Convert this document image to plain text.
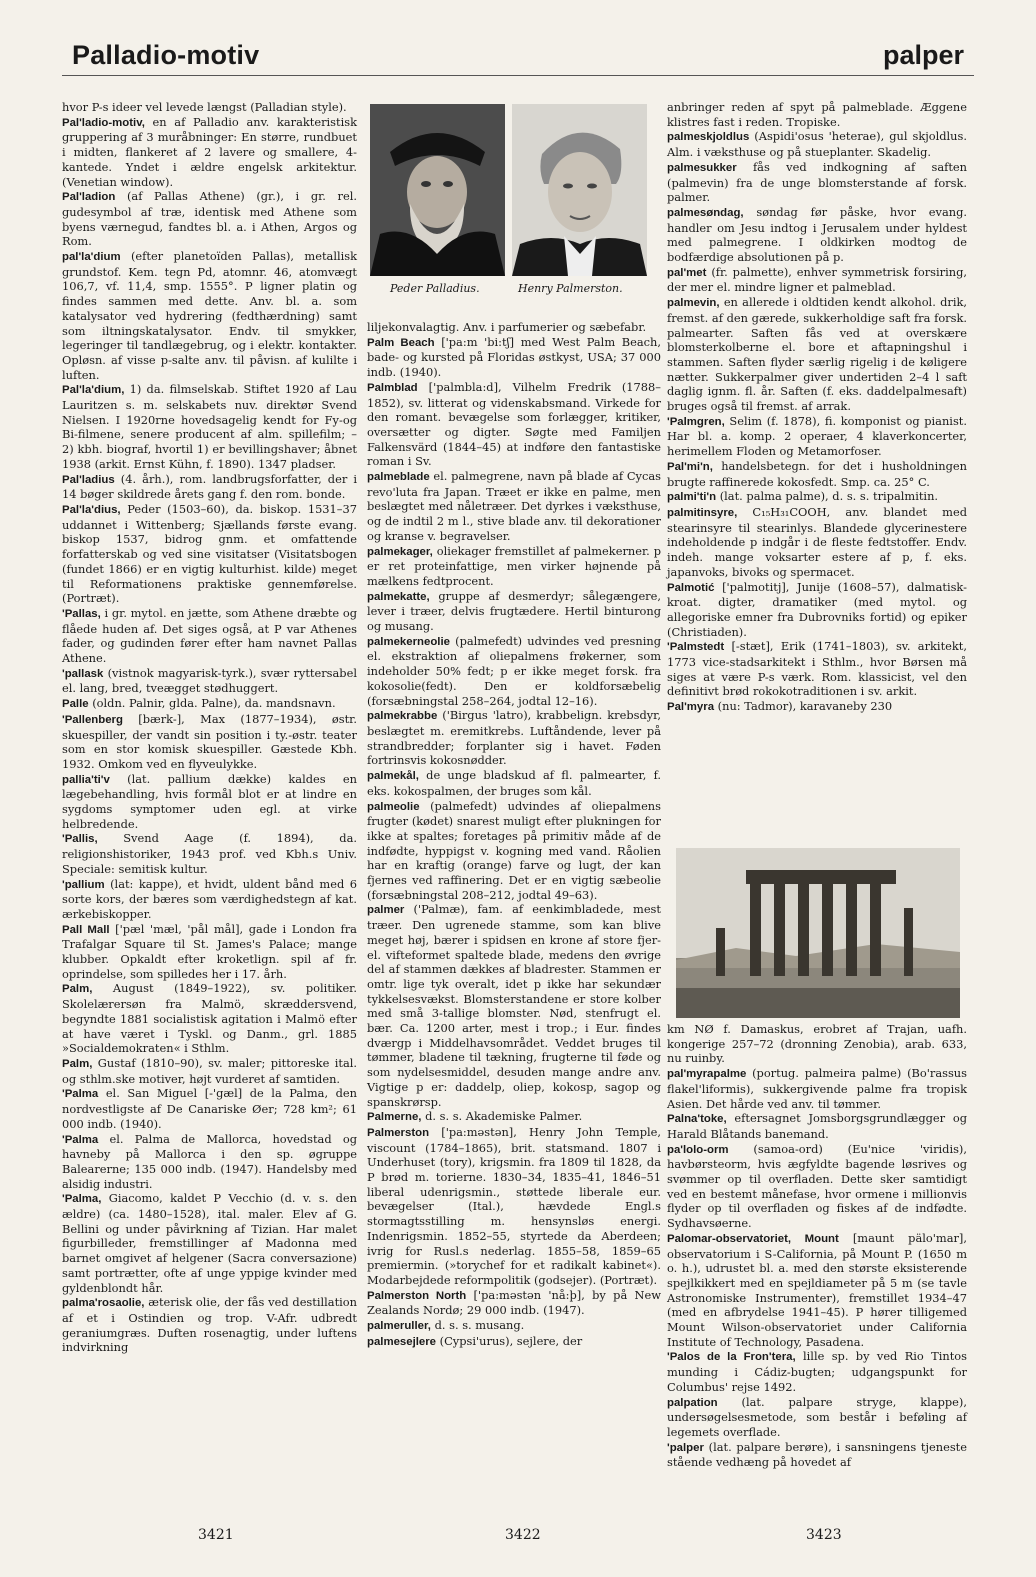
Palladio-motiv	palper

hvor P-s ideer vel levede længst (Palladian style).

Pal'ladio-motiv, en af Palladio anv. karakteristisk gruppering af 3 muråbninger: En større, rundbuet i midten, flankeret af 2 lavere og smallere, 4-kantede. Yndet i ældre engelsk arkitektur. (Venetian window).

Pal'ladion (af Pallas Athene) (gr.), i gr. rel. gudesymbol af træ, identisk med Athene som byens værnegud, fandtes bl. a. i Athen, Argos og Rom.

pal'la'dium (efter planetoïden Pallas), metallisk grundstof. Kem. tegn Pd, atomnr. 46, atomvægt 106,7, vf. 11,4, smp. 1555°. P ligner platin og findes sammen med dette. Anv. bl. a. som katalysator ved hydrering (fedthærdning) samt som iltningskatalysator. Endv. til smykker, legeringer til tandlægebrug, og i elektr. kontakter. Opløsn. af visse p-salte anv. til påvisn. af kulilte i luften.

Pal'la'dium, 1) da. filmselskab. Stiftet 1920 af Lau Lauritzen s. m. selskabets nuv. direktør Svend Nielsen. I 1920rne hovedsagelig kendt for Fy-og Bi-filmene, senere producent af alm. spillefilm; – 2) kbh. biograf, hvortil 1) er bevillingshaver; åbnet 1938 (arkit. Ernst Kühn, f. 1890). 1347 pladser.

Pal'ladius (4. årh.), rom. landbrugsforfatter, der i 14 bøger skildrede årets gang f. den rom. bonde.

Pal'la'dius, Peder (1503–60), da. biskop. 1531–37 uddannet i Wittenberg; Sjællands første evang. biskop 1537, bidrog gnm. et omfattende forfatterskab og ved sine visitatser (Visitatsbogen (fundet 1866) er en vigtig kulturhist. kilde) meget til Reformationens praktiske gennemførelse. (Portræt).

'Pallas, i gr. mytol. en jætte, som Athene dræbte og flåede huden af. Det siges også, at P var Athenes fader, og gudinden fører efter ham navnet Pallas Athene.

'pallask (vistnok magyarisk-tyrk.), svær ryttersabel el. lang, bred, tveægget stødhuggert.

Palle (oldn. Palnir, glda. Palne), da. mandsnavn.

'Pallenberg [bærk-], Max (1877–1934), østr. skuespiller, der vandt sin position i ty.-østr. teater som en stor komisk skuespiller. Gæstede Kbh. 1932. Omkom ved en flyveulykke.

pallia'ti'v (lat. pallium dække) kaldes en lægebehandling, hvis formål blot er at lindre en sygdoms symptomer uden egl. at virke helbredende.

'Pallis, Svend Aage (f. 1894), da. religionshistoriker, 1943 prof. ved Kbh.s Univ. Speciale: semitisk kultur.

'pallium (lat: kappe), et hvidt, uldent bånd med 6 sorte kors, der bæres som værdighedstegn af kat. ærkebiskopper.

Pall Mall ['pæl 'mæl, 'pål mål], gade i London fra Trafalgar Square til St. James's Palace; mange klubber. Opkaldt efter kroketlign. spil af fr. oprindelse, som spilledes her i 17. årh.

Palm, August (1849–1922), sv. politiker. Skolelærersøn fra Malmö, skræddersvend, begyndte 1881 socialistisk agitation i Malmö efter at have været i Tyskl. og Danm., grl. 1885 »Socialdemokraten« i Sthlm.

Palm, Gustaf (1810–90), sv. maler; pittoreske ital. og sthlm.ske motiver, højt vurderet af samtiden.

'Palma el. San Miguel [-'gæl] de la Palma, den nordvestligste af De Canariske Øer; 728 km²; 61 000 indb. (1940).

'Palma el. Palma de Mallorca, hovedstad og havneby på Mallorca i den sp. øgruppe Balearerne; 135 000 indb. (1947). Handelsby med alsidig industri.

'Palma, Giacomo, kaldet P Vecchio (d. v. s. den ældre) (ca. 1480–1528), ital. maler. Elev af G. Bellini og under påvirkning af Tizian. Har malet figurbilleder, fremstillinger af Madonna med barnet omgivet af helgener (Sacra conversazione) samt portrætter, ofte af unge yppige kvinder med gyldenblondt hår.

palma'rosaolie, æterisk olie, der fås ved destillation af et i Ostindien og trop. V-Afr. udbredt geraniumgræs. Duften rosenagtig, under luftens indvirkning

Peder Palladius.	Henry Palmerston.

liljekonvalagtig. Anv. i parfumerier og sæbefabr.

Palm Beach ['pa:m 'bi:tʃ] med West Palm Beach, bade- og kursted på Floridas østkyst, USA; 37 000 indb. (1940).

Palmblad ['palmbla:d], Vilhelm Fredrik (1788–1852), sv. litterat og videnskabsmand. Virkede for den romant. bevægelse som forlægger, kritiker, oversætter og digter. Søgte med Familjen Falkensvärd (1844–45) at indføre den fantastiske roman i Sv.

palmeblade el. palmegrene, navn på blade af Cycas revo'luta fra Japan. Træet er ikke en palme, men beslægtet med nåletræer. Det dyrkes i væksthuse, og de indtil 2 m l., stive blade anv. til dekorationer og kranse v. begravelser.

palmekager, oliekager fremstillet af palmekerner. p er ret proteinfattige, men virker højnende på mælkens fedtprocent.

palmekatte, gruppe af desmerdyr; sålegængere, lever i træer, delvis frugtædere. Hertil binturong og musang.

palmekerneolie (palmefedt) udvindes ved presning el. ekstraktion af oliepalmens frøkerner, som indeholder 50% fedt; p er ikke meget forsk. fra kokosolie(fedt). Den er koldforsæbelig (forsæbningstal 258–264, jodtal 12–16).

palmekrabbe ('Birgus 'latro), krabbelign. krebsdyr, beslægtet m. eremitkrebs. Luftåndende, lever på strandbredder; forplanter sig i havet. Føden fortrinsvis kokosnødder.

palmekål, de unge bladskud af fl. palmearter, f. eks. kokospalmen, der bruges som kål.

palmeolie (palmefedt) udvindes af oliepalmens frugter (kødet) snarest muligt efter plukningen for ikke at spaltes; foretages på primitiv måde af de indfødte, hyppigst v. kogning med vand. Råolien har en kraftig (orange) farve og lugt, der kan fjernes ved raffinering. Det er en vigtig sæbeolie (forsæbningstal 208–212, jodtal 49–63).

palmer ('Palmæ), fam. af eenkimbladede, mest træer. Den ugrenede stamme, som kan blive meget høj, bærer i spidsen en krone af store fjer- el. vifteformet spaltede blade, medens den øvrige del af stammen dækkes af bladrester. Stammen er omtr. lige tyk overalt, idet p ikke har sekundær tykkelsesvækst. Blomsterstandene er store kolber med små 3-tallige blomster. Nød, stenfrugt el. bær. Ca. 1200 arter, mest i trop.; i Eur. findes dværgp i Middelhavsområdet. Veddet bruges til tømmer, bladene til tækning, frugterne til føde og som nydelsesmiddel, desuden mange andre anv. Vigtige p er: daddelp, oliep, kokosp, sagop og spanskrørsp.

Palmerne, d. s. s. Akademiske Palmer.

Palmerston ['pa:məstən], Henry John Temple, viscount (1784–1865), brit. statsmand. 1807 i Underhuset (tory), krigsmin. fra 1809 til 1828, da P brød m. torierne. 1830–34, 1835–41, 1846–51 liberal udenrigsmin., støttede liberale eur. bevægelser (Ital.), hævdede Engl.s stormagtsstilling m. hensynsløs energi. Indenrigsmin. 1852–55, styrtede da Aberdeen; ivrig for Rusl.s nederlag. 1855–58, 1859–65 premiermin. (»torychef for et radikalt kabinet«). Modarbejdede reformpolitik (godsejer). (Portræt).

Palmerston North ['pa:məstən 'nå:þ], by på New Zealands Nordø; 29 000 indb. (1947).

palmeruller, d. s. s. musang.

palmesejlere (Cypsi'urus), sejlere, der

anbringer reden af spyt på palmeblade. Æggene klistres fast i reden. Tropiske.

palmeskjoldlus (Aspidi'osus 'heterae), gul skjoldlus. Alm. i væksthuse og på stueplanter. Skadelig.

palmesukker fås ved indkogning af saften (palmevin) fra de unge blomsterstande af forsk. palmer.

palmesøndag, søndag før påske, hvor evang. handler om Jesu indtog i Jerusalem under hyldest med palmegrene. I oldkirken modtog de bodfærdige absolutionen på p.

pal'met (fr. palmette), enhver symmetrisk forsiring, der mer el. mindre ligner et palmeblad.

palmevin, en allerede i oldtiden kendt alkohol. drik, fremst. af den gærede, sukkerholdige saft fra forsk. palmearter. Saften fås ved at overskære blomsterkolberne el. bore et aftapningshul i stammen. Saften flyder særlig rigelig i de køligere nætter. Sukkerpalmer giver undertiden 2–4 l saft daglig ignm. fl. år. Saften (f. eks. daddelpalmesaft) bruges også til fremst. af arrak.

'Palmgren, Selim (f. 1878), fi. komponist og pianist. Har bl. a. komp. 2 operaer, 4 klaverkoncerter, herimellem Floden og Metamorfoser.

Pal'mi'n, handelsbetegn. for det i husholdningen brugte raffinerede kokosfedt. Smp. ca. 25° C.

palmi'ti'n (lat. palma palme), d. s. s. tripalmitin.

palmitinsyre, C₁₅H₃₁COOH, anv. blandet med stearinsyre til stearinlys. Blandede glycerinestere indeholdende p indgår i de fleste fedtstoffer. Endv. indeh. mange voksarter estere af p, f. eks. japanvoks, bivoks og spermacet.

Palmotić ['palmotitj], Junije (1608–57), dalmatisk-kroat. digter, dramatiker (med mytol. og allegoriske emner fra Dubrovniks fortid) og epiker (Christiaden).

'Palmstedt [-stæt], Erik (1741–1803), sv. arkitekt, 1773 vice-stadsarkitekt i Sthlm., hvor Børsen må siges at være P-s værk. Rom. klassicist, vel den definitivt brød rokokotraditionen i sv. arkit.

Pal'myra (nu: Tadmor), karavaneby 230

km NØ f. Damaskus, erobret af Trajan, uafh. kongerige 257–72 (dronning Zenobia), arab. 633, nu ruinby.

pal'myrapalme (portug. palmeira palme) (Bo'rassus flakel'liformis), sukkergivende palme fra tropisk Asien. Det hårde ved anv. til tømmer.

Palna'toke, eftersagnet Jomsborgsgrundlægger og Harald Blåtands banemand.

pa'lolo-orm (samoa-ord) (Eu'nice 'viridis), havbørsteorm, hvis ægfyldte bagende løsrives og svømmer op til overfladen. Dette sker samtidigt ved en bestemt månefase, hvor ormene i millionvis flyder op til overfladen og fiskes af de indfødte. Sydhavsøerne.

Palomar-observatoriet, Mount [maunt pälo'mar], observatorium i S-California, på Mount P. (1650 m o. h.), udrustet bl. a. med den største eksisterende spejlkikkert med en spejldiameter på 5 m (se tavle Astronomiske Instrumenter), fremstillet 1934–47 (med en afbrydelse 1941–45). P hører tilligemed Mount Wilson-observatoriet under California Institute of Technology, Pasadena.

'Palos de la Fron'tera, lille sp. by ved Rio Tintos munding i Cádiz-bugten; udgangspunkt for Columbus' rejse 1492.

palpation (lat. palpare stryge, klappe), undersøgelsesmetode, som består i beføling af legemets overflade.

'palper (lat. palpare berøre), i sansningens tjeneste stående vedhæng på hovedet af

3421	3422	3423
